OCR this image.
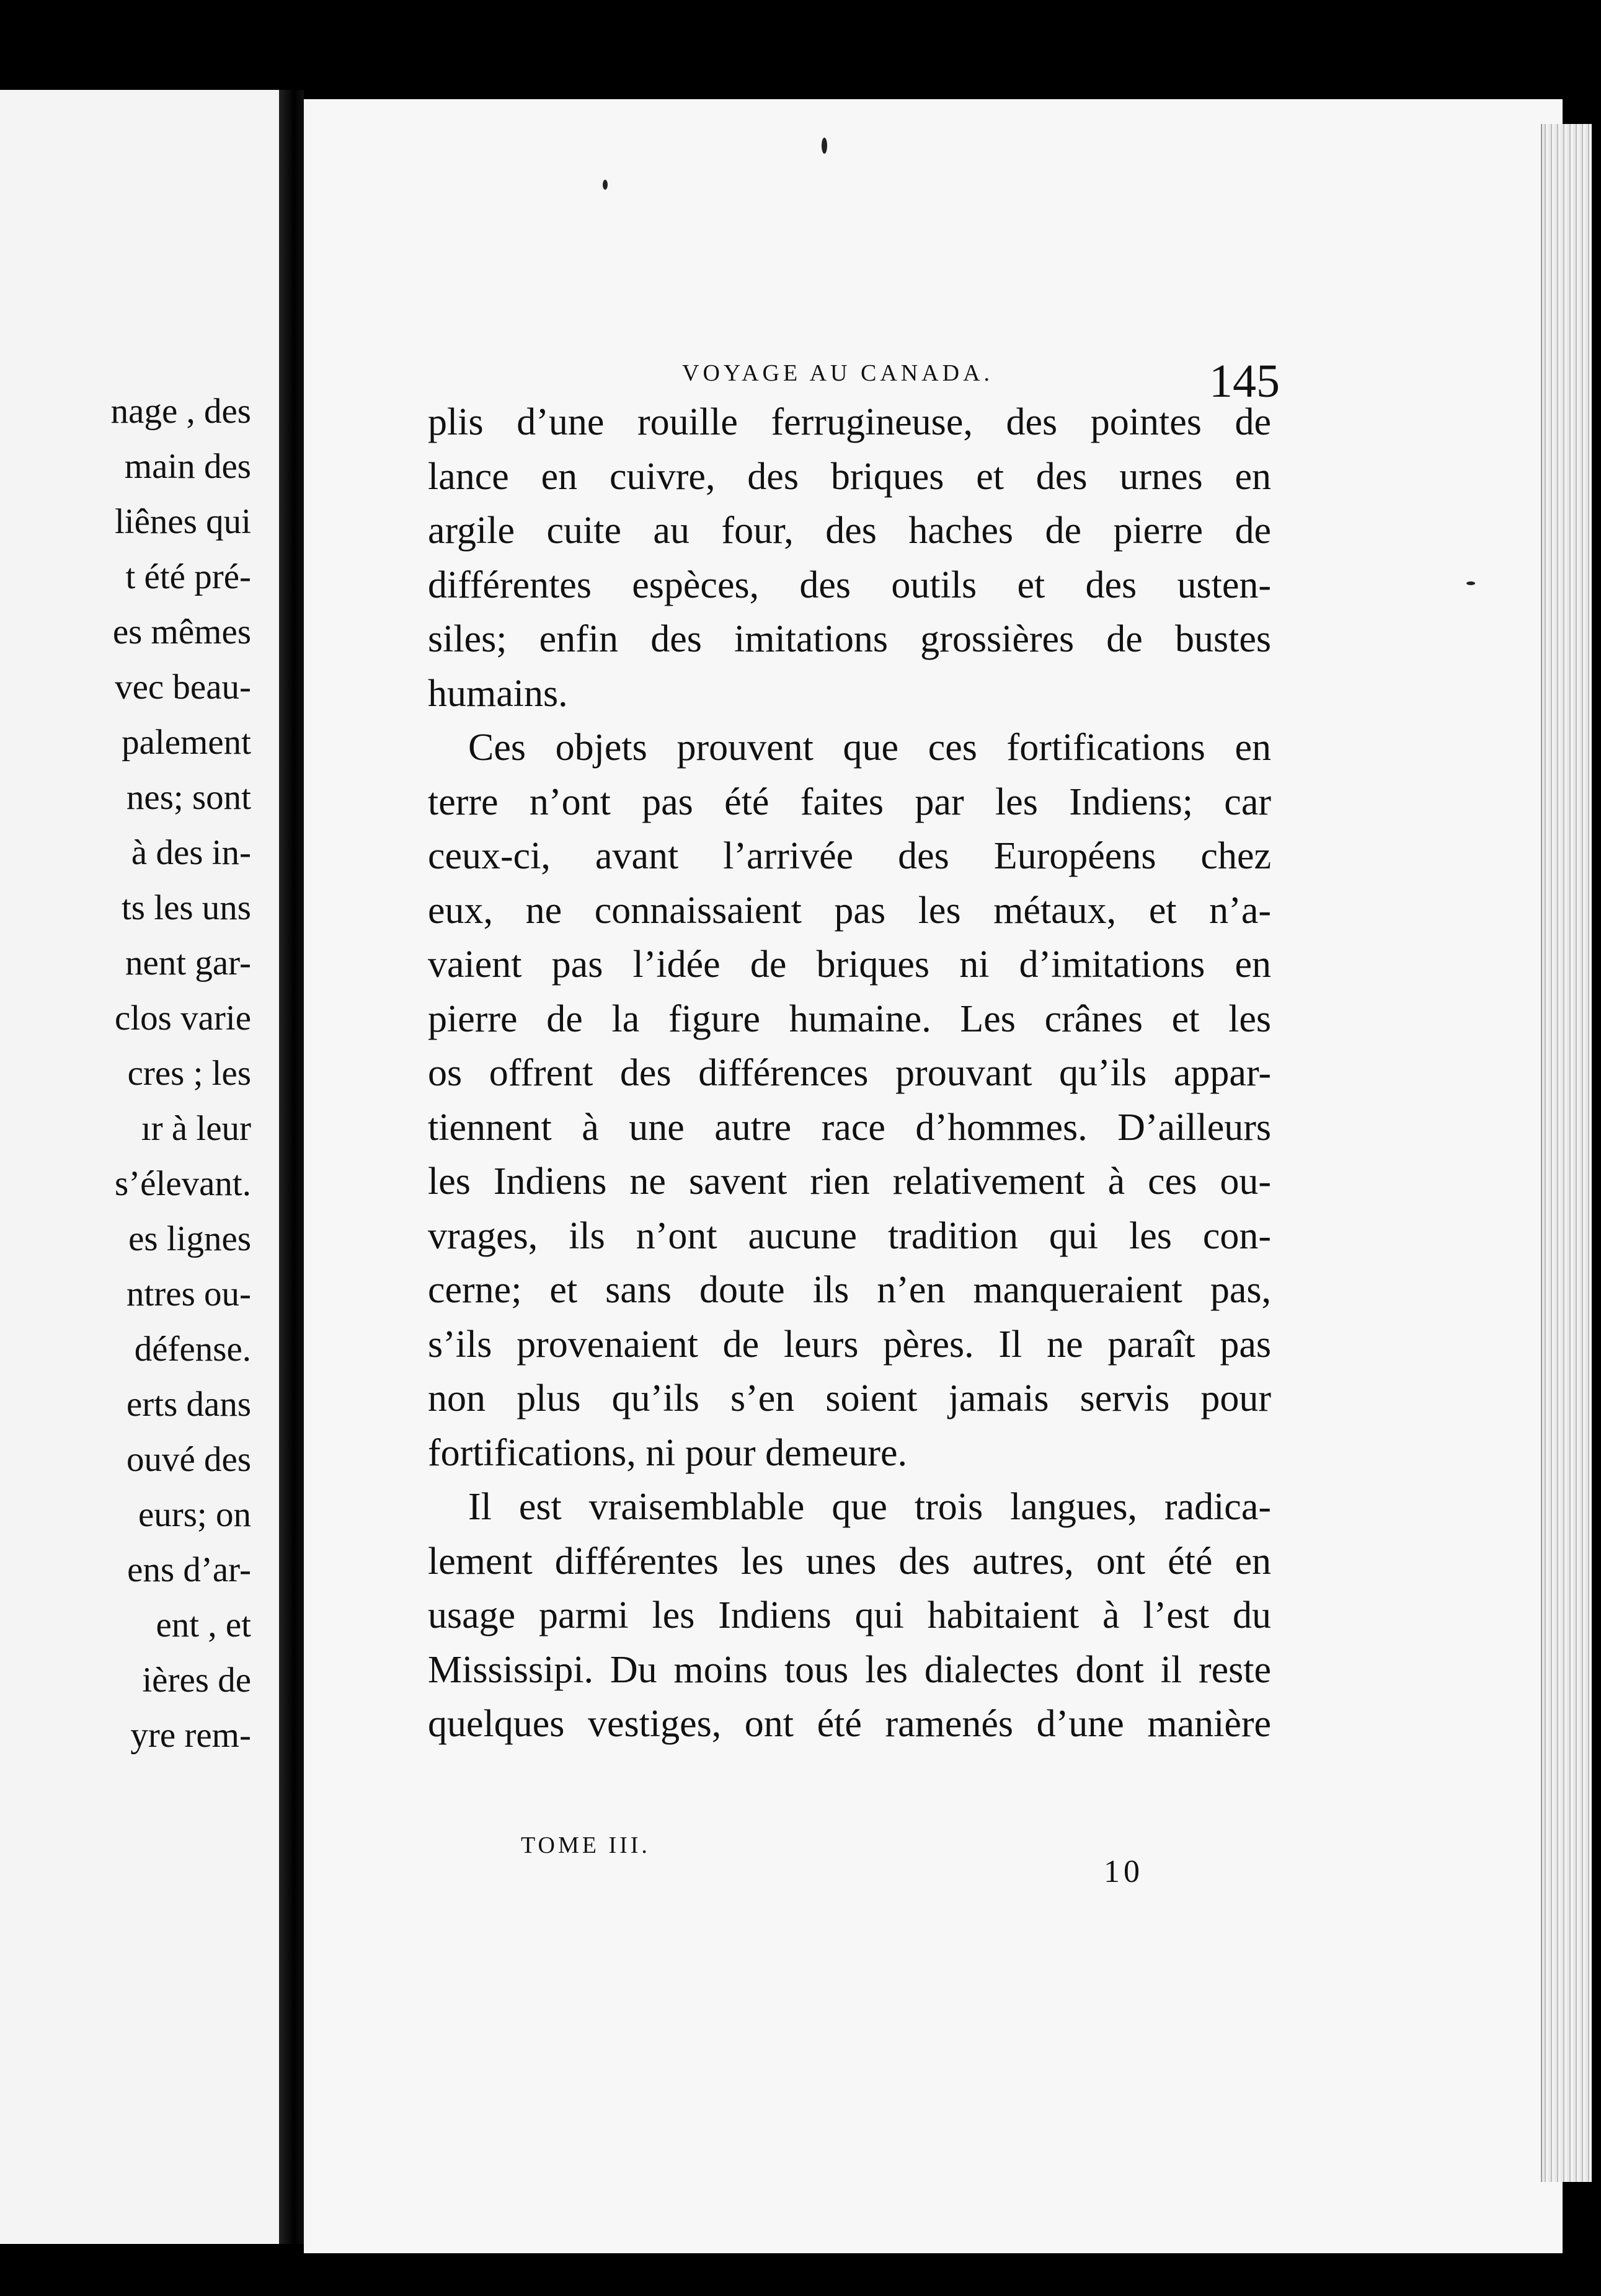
nage , des
main des
liênes qui
t été pré-
es mêmes
vec beau-
palement
nes; sont
à des in-
ts les uns
nent gar-
clos varie
cres ; les
ır à leur
s’élevant.
es lignes
ntres ou-
défense.
erts dans
ouvé des
eurs; on
ens d’ar-
ent , et
ières de
yre rem-
VOYAGE AU CANADA.	145
plis d’une rouille ferrugineuse, des pointes de
lance en cuivre, des briques et des urnes en
argile cuite au four, des haches de pierre de
différentes espèces, des outils et des usten-
siles; enfin des imitations grossières de bustes
humains.
Ces objets prouvent que ces fortifications en
terre n’ont pas été faites par les Indiens; car
ceux-ci, avant l’arrivée des Européens chez
eux, ne connaissaient pas les métaux, et n’a-
vaient pas l’idée de briques ni d’imitations en
pierre de la figure humaine. Les crânes et les
os offrent des différences prouvant qu’ils appar-
tiennent à une autre race d’hommes. D’ailleurs
les Indiens ne savent rien relativement à ces ou-
vrages, ils n’ont aucune tradition qui les con-
cerne; et sans doute ils n’en manqueraient pas,
s’ils provenaient de leurs pères. Il ne paraît pas
non plus qu’ils s’en soient jamais servis pour
fortifications, ni pour demeure.
Il est vraisemblable que trois langues, radica-
lement différentes les unes des autres, ont été en
usage parmi les Indiens qui habitaient à l’est du
Mississipi. Du moins tous les dialectes dont il reste
quelques vestiges, ont été ramenés d’une manière
TOME III.
10
